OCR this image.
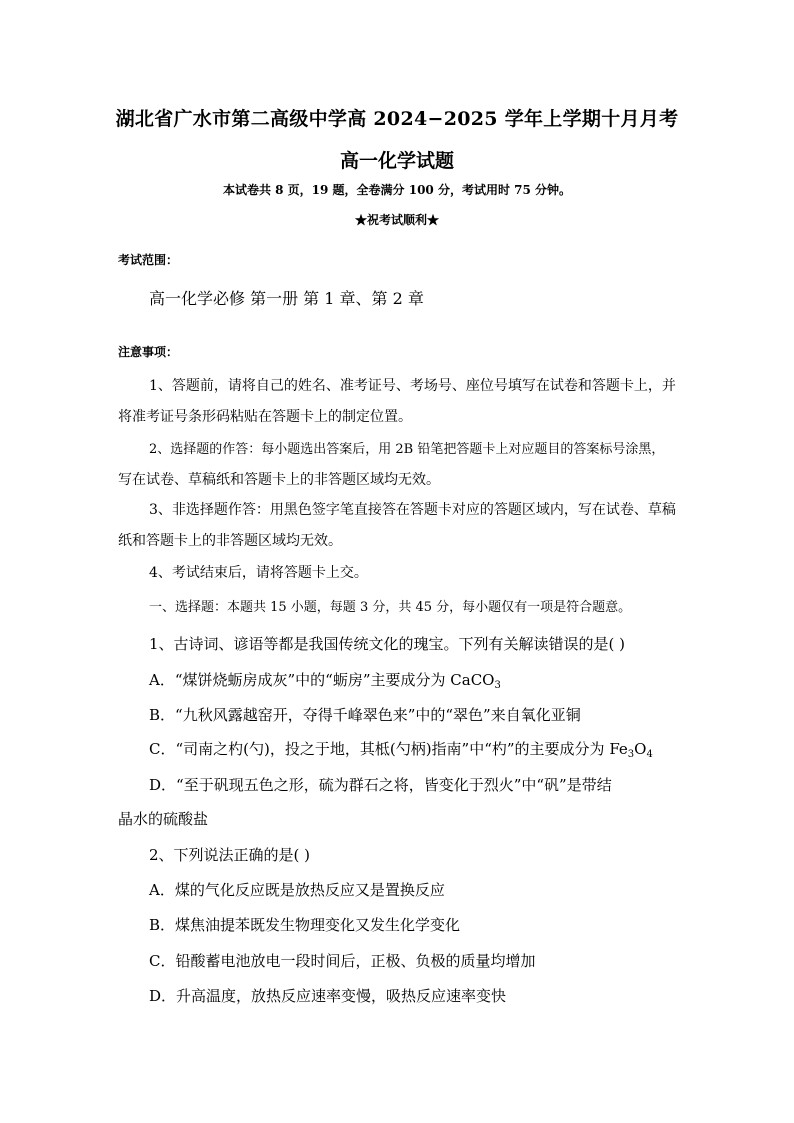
湖北省广水市第二高级中学高 2024−2025 学年上学期十月月考
高一化学试题
本试卷共 8 页，19 题，全卷满分 100 分，考试用时 75 分钟。
★祝考试顺利★
考试范围：
高一化学必修 第一册 第 1 章、第 2 章
注意事项：
1、答题前，请将自己的姓名、准考证号、考场号、座位号填写在试卷和答题卡上，并
将准考证号条形码粘贴在答题卡上的制定位置。
2、选择题的作答：每小题选出答案后，用 2B 铅笔把答题卡上对应题目的答案标号涂黑，
写在试卷、草稿纸和答题卡上的非答题区域均无效。
3、非选择题作答：用黑色签字笔直接答在答题卡对应的答题区域内，写在试卷、草稿
纸和答题卡上的非答题区域均无效。
4、考试结束后，请将答题卡上交。
一、选择题：本题共 15 小题，每题 3 分，共 45 分，每小题仅有一项是符合题意。
1、古诗词、谚语等都是我国传统文化的瑰宝。下列有关解读错误的是( )
A．“煤饼烧蛎房成灰”中的“蛎房”主要成分为 CaCO$_3$
B．“九秋风露越窑开，夺得千峰翠色来”中的“翠色”来自氧化亚铜
C．“司南之杓(勺)，投之于地，其柢(勺柄)指南”中“杓”的主要成分为 $Fe_3O_4$
D．“至于矾现五色之形，硫为群石之将，皆变化于烈火”中“矾”是带结
晶水的硫酸盐
2、下列说法正确的是( )
A．煤的气化反应既是放热反应又是置换反应
B．煤焦油提苯既发生物理变化又发生化学变化
C．铅酸蓄电池放电一段时间后，正极、负极的质量均增加
D．升高温度，放热反应速率变慢，吸热反应速率变快
